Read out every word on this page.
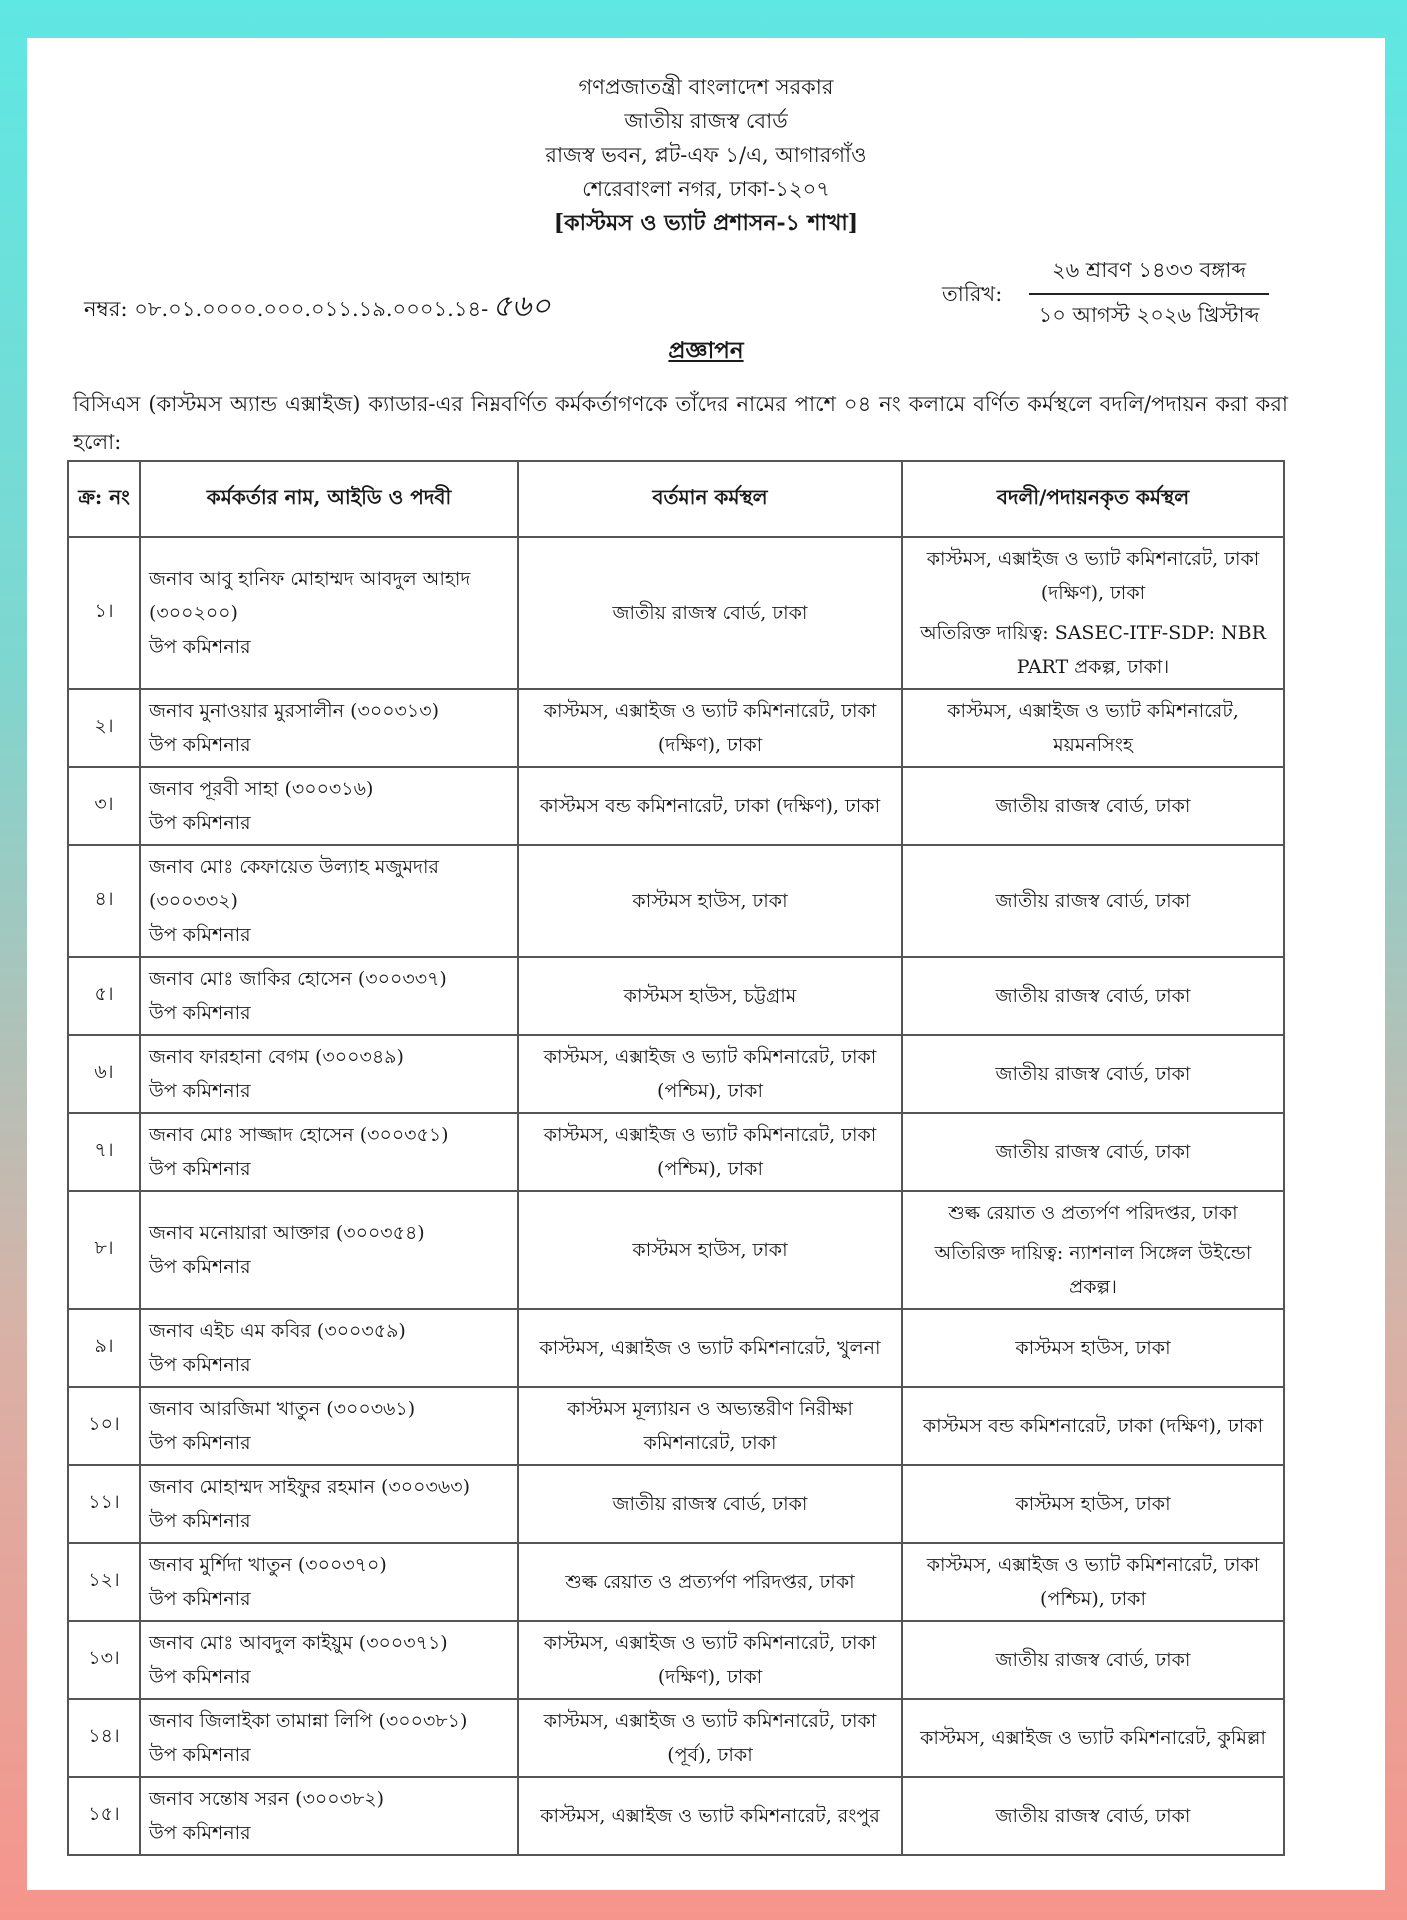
গণপ্রজাতন্ত্রী বাংলাদেশ সরকার
জাতীয় রাজস্ব বোর্ড
রাজস্ব ভবন, প্লট-এফ ১/এ, আগারগাঁও
শেরেবাংলা নগর, ঢাকা-১২০৭
[কাস্টমস ও ভ্যাট প্রশাসন-১ শাখা]
নম্বর: ০৮.০১.০০০০.০০০.০১১.১৯.০০০১.১৪- ৫৬০	তারিখ:
২৬ শ্রাবণ ১৪৩৩ বঙ্গাব্দ
১০ আগস্ট ২০২৬ খ্রিস্টাব্দ
প্রজ্ঞাপন
বিসিএস (কাস্টমস অ্যান্ড এক্সাইজ) ক্যাডার-এর নিম্নবর্ণিত কর্মকর্তাগণকে তাঁদের নামের পাশে ০৪ নং কলামে বর্ণিত কর্মস্থলে বদলি/পদায়ন করা করা হলো:
ক্র: নং	কর্মকর্তার নাম, আইডি ও পদবী	বর্তমান কর্মস্থল	বদলী/পদায়নকৃত কর্মস্থল
১।	জনাব আবু হানিফ মোহাম্মদ আবদুল আহাদ (৩০০২০০)
উপ কমিশনার	জাতীয় রাজস্ব বোর্ড, ঢাকা	কাস্টমস, এক্সাইজ ও ভ্যাট কমিশনারেট, ঢাকা (দক্ষিণ), ঢাকা
অতিরিক্ত দায়িত্ব: SASEC-ITF-SDP: NBR PART প্রকল্প, ঢাকা।

২।	জনাব মুনাওয়ার মুরসালীন (৩০০৩১৩)
উপ কমিশনার	কাস্টমস, এক্সাইজ ও ভ্যাট কমিশনারেট, ঢাকা (দক্ষিণ), ঢাকা	কাস্টমস, এক্সাইজ ও ভ্যাট কমিশনারেট, ময়মনসিংহ

৩।	জনাব পূরবী সাহা (৩০০৩১৬)
উপ কমিশনার	কাস্টমস বন্ড কমিশনারেট, ঢাকা (দক্ষিণ), ঢাকা	জাতীয় রাজস্ব বোর্ড, ঢাকা

৪।	জনাব মোঃ কেফায়েত উল্যাহ মজুমদার (৩০০৩৩২)
উপ কমিশনার	কাস্টমস হাউস, ঢাকা	জাতীয় রাজস্ব বোর্ড, ঢাকা

৫।	জনাব মোঃ জাকির হোসেন (৩০০৩৩৭)
উপ কমিশনার	কাস্টমস হাউস, চট্টগ্রাম	জাতীয় রাজস্ব বোর্ড, ঢাকা

৬।	জনাব ফারহানা বেগম (৩০০৩৪৯)
উপ কমিশনার	কাস্টমস, এক্সাইজ ও ভ্যাট কমিশনারেট, ঢাকা (পশ্চিম), ঢাকা	জাতীয় রাজস্ব বোর্ড, ঢাকা

৭।	জনাব মোঃ সাজ্জাদ হোসেন (৩০০৩৫১)
উপ কমিশনার	কাস্টমস, এক্সাইজ ও ভ্যাট কমিশনারেট, ঢাকা (পশ্চিম), ঢাকা	জাতীয় রাজস্ব বোর্ড, ঢাকা

৮।	জনাব মনোয়ারা আক্তার (৩০০৩৫৪)
উপ কমিশনার	কাস্টমস হাউস, ঢাকা	শুল্ক রেয়াত ও প্রত্যর্পণ পরিদপ্তর, ঢাকা
অতিরিক্ত দায়িত্ব: ন্যাশনাল সিঙ্গেল উইন্ডো প্রকল্প।

৯।	জনাব এইচ এম কবির (৩০০৩৫৯)
উপ কমিশনার	কাস্টমস, এক্সাইজ ও ভ্যাট কমিশনারেট, খুলনা	কাস্টমস হাউস, ঢাকা

১০।	জনাব আরজিমা খাতুন (৩০০৩৬১)
উপ কমিশনার	কাস্টমস মূল্যায়ন ও অভ্যন্তরীণ নিরীক্ষা কমিশনারেট, ঢাকা	কাস্টমস বন্ড কমিশনারেট, ঢাকা (দক্ষিণ), ঢাকা

১১।	জনাব মোহাম্মদ সাইফুর রহমান (৩০০৩৬৩)
উপ কমিশনার	জাতীয় রাজস্ব বোর্ড, ঢাকা	কাস্টমস হাউস, ঢাকা

১২।	জনাব মুর্শিদা খাতুন (৩০০৩৭০)
উপ কমিশনার	শুল্ক রেয়াত ও প্রত্যর্পণ পরিদপ্তর, ঢাকা	কাস্টমস, এক্সাইজ ও ভ্যাট কমিশনারেট, ঢাকা (পশ্চিম), ঢাকা

১৩।	জনাব মোঃ আবদুল কাইয়ুম (৩০০৩৭১)
উপ কমিশনার	কাস্টমস, এক্সাইজ ও ভ্যাট কমিশনারেট, ঢাকা (দক্ষিণ), ঢাকা	জাতীয় রাজস্ব বোর্ড, ঢাকা

১৪।	জনাব জিলাইকা তামান্না লিপি (৩০০৩৮১)
উপ কমিশনার	কাস্টমস, এক্সাইজ ও ভ্যাট কমিশনারেট, ঢাকা (পূর্ব), ঢাকা	কাস্টমস, এক্সাইজ ও ভ্যাট কমিশনারেট, কুমিল্লা

১৫।	জনাব সন্তোষ সরন (৩০০৩৮২)
উপ কমিশনার	কাস্টমস, এক্সাইজ ও ভ্যাট কমিশনারেট, রংপুর	জাতীয় রাজস্ব বোর্ড, ঢাকা
